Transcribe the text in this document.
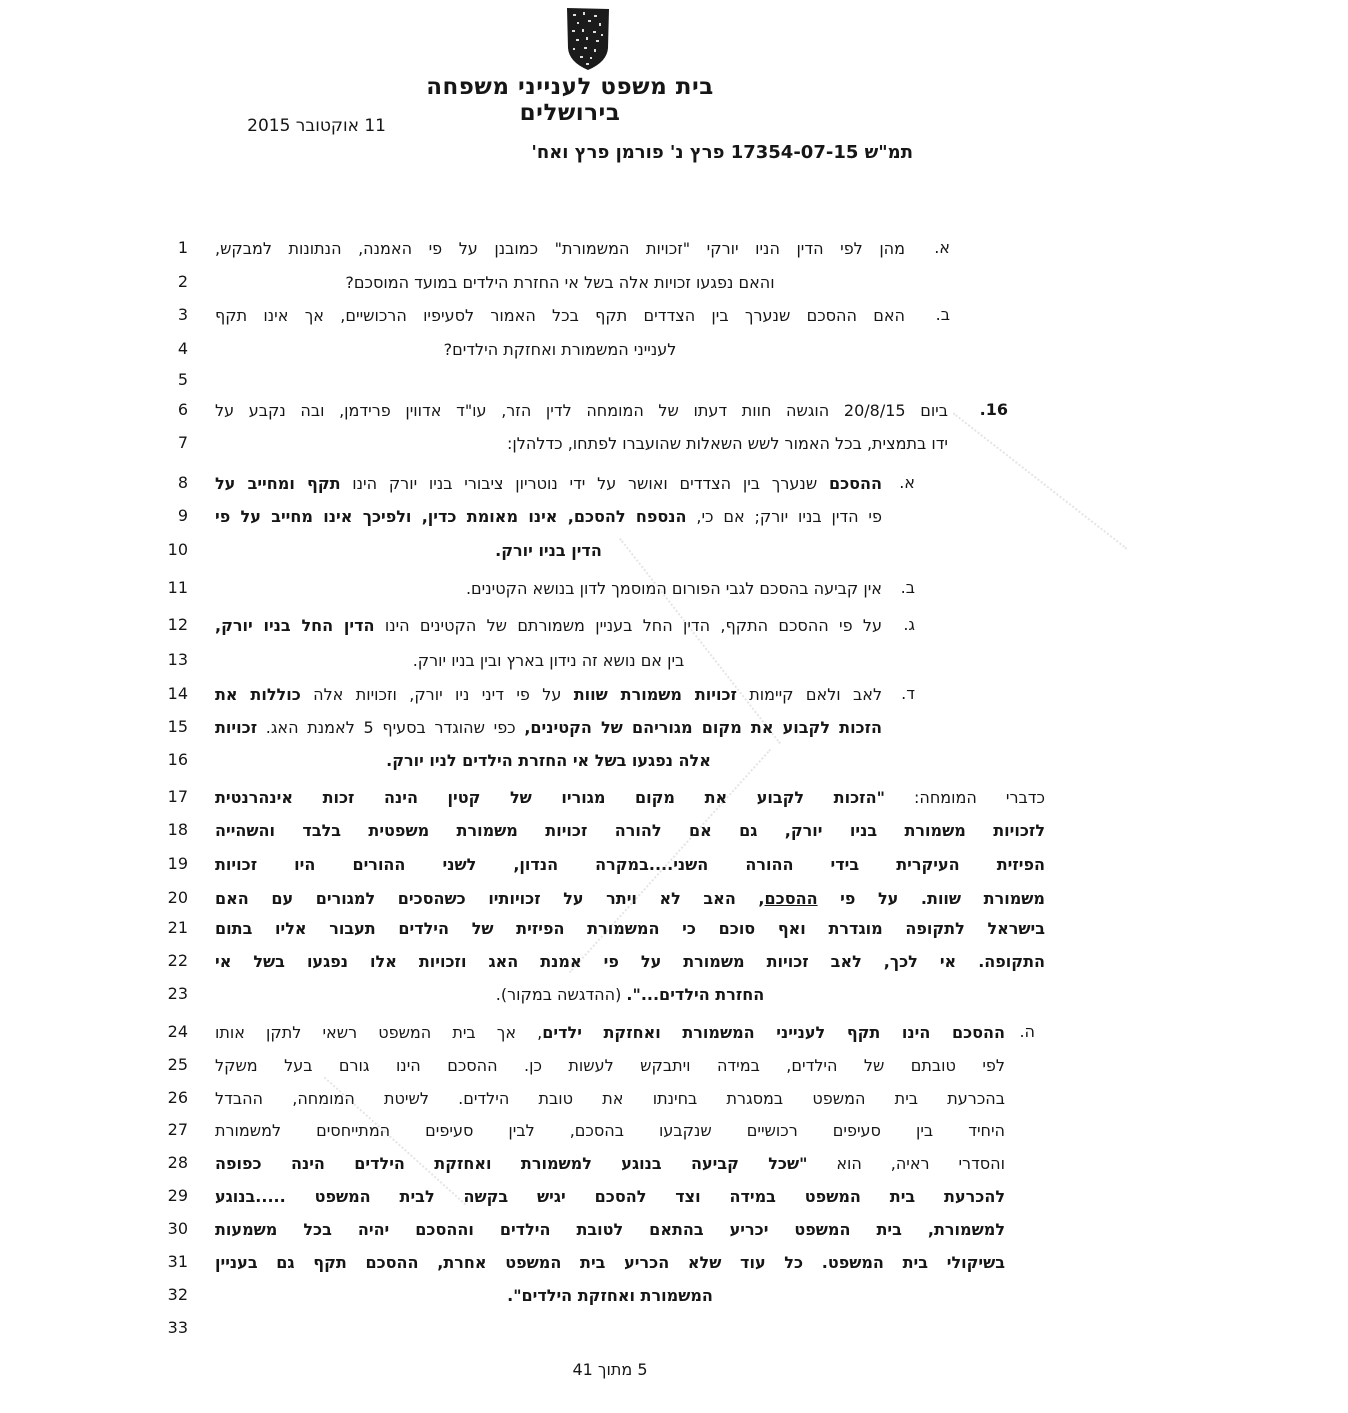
בית משפט לענייני משפחה בירושלים
11 אוקטובר 2015
תמ"ש 17354-07-15 פרץ נ' פורמן פרץ ואח'
1	א.
מהן לפי הדין הניו יורקי "זכויות המשמורת" כמובנן על פי האמנה, הנתונות למבקש,
2	והאם נפגעו זכויות אלה בשל אי החזרת הילדים במועד המוסכם?
3	ב.
האם ההסכם שנערך בין הצדדים תקף בכל האמור לסעיפיו הרכושיים, אך אינו תקף
4	לענייני המשמורת ואחזקת הילדים?
5
6	16.
ביום 20/8/15 הוגשה חוות דעתו של המומחה לדין הזר, עו"ד אדווין פרידמן, ובה נקבע על
7	ידו בתמצית, בכל האמור לשש השאלות שהועברו לפתחו, כדלהלן:
8	א.
ההסכם שנערך בין הצדדים ואושר על ידי נוטריון ציבורי בניו יורק הינו תקף ומחייב על
9	פי הדין בניו יורק; אם כי, הנספח להסכם, אינו מאומת כדין, ולפיכך אינו מחייב על פי
10	הדין בניו יורק.
11	ב.
אין קביעה בהסכם לגבי הפורום המוסמך לדון בנושא הקטינים.
12	ג.
על פי ההסכם התקף, הדין החל בעניין משמורתם של הקטינים הינו הדין החל בניו יורק,
13	בין אם נושא זה נידון בארץ ובין בניו יורק.
14	ד.
לאב ולאם קיימות זכויות משמורת שוות על פי דיני ניו יורק, וזכויות אלה כוללות את
15	הזכות לקבוע את מקום מגוריהם של הקטינים, כפי שהוגדר בסעיף 5 לאמנת האג. זכויות
16	אלה נפגעו בשל אי החזרת הילדים לניו יורק.
17	כדברי המומחה: "הזכות לקבוע את מקום מגוריו של קטין הינה זכות אינהרנטית
18 לזכויות משמורת בניו יורק, גם אם להורה זכויות משמורת משפטית בלבד והשהייה
19 הפיזית העיקרית בידי ההורה השני....במקרה הנדון, לשני ההורים היו זכויות
20	משמורת שוות. על פי ההסכם, האב לא ויתר על זכויותיו כשהסכים למגורים עם האם
21 בישראל לתקופה מוגדרת ואף סוכם כי המשמורת הפיזית של הילדים תעבור אליו בתום
22 התקופה. אי לכך, לאב זכויות משמורת על פי אמנת האג וזכויות אלו נפגעו בשל אי
23	החזרת הילדים...". (ההדגשה במקור).
24	ה.
ההסכם הינו תקף לענייני המשמורת ואחזקת ילדים, אך בית המשפט רשאי לתקן אותו
25 לפי טובתם של הילדים, במידה ויתבקש לעשות כן. ההסכם הינו גורם בעל משקל
26 בהכרעת בית המשפט במסגרת בחינתו את טובת הילדים. לשיטת המומחה, ההבדל
27 היחיד בין סעיפים רכושיים שנקבעו בהסכם, לבין סעיפים המתייחסים למשמורת
28	והסדרי ראיה, הוא "שכל קביעה בנוגע למשמורת ואחזקת הילדים הינה כפופה
29 להכרעת בית המשפט במידה וצד להסכם יגיש בקשה לבית המשפט .....בנוגע
30 למשמורת, בית המשפט יכריע בהתאם לטובת הילדים וההסכם יהיה בכל משמעות
31 בשיקולי בית המשפט. כל עוד שלא הכריע בית המשפט אחרת, ההסכם תקף גם בעניין
32	המשמורת ואחזקת הילדים".
33
5 מתוך 41
